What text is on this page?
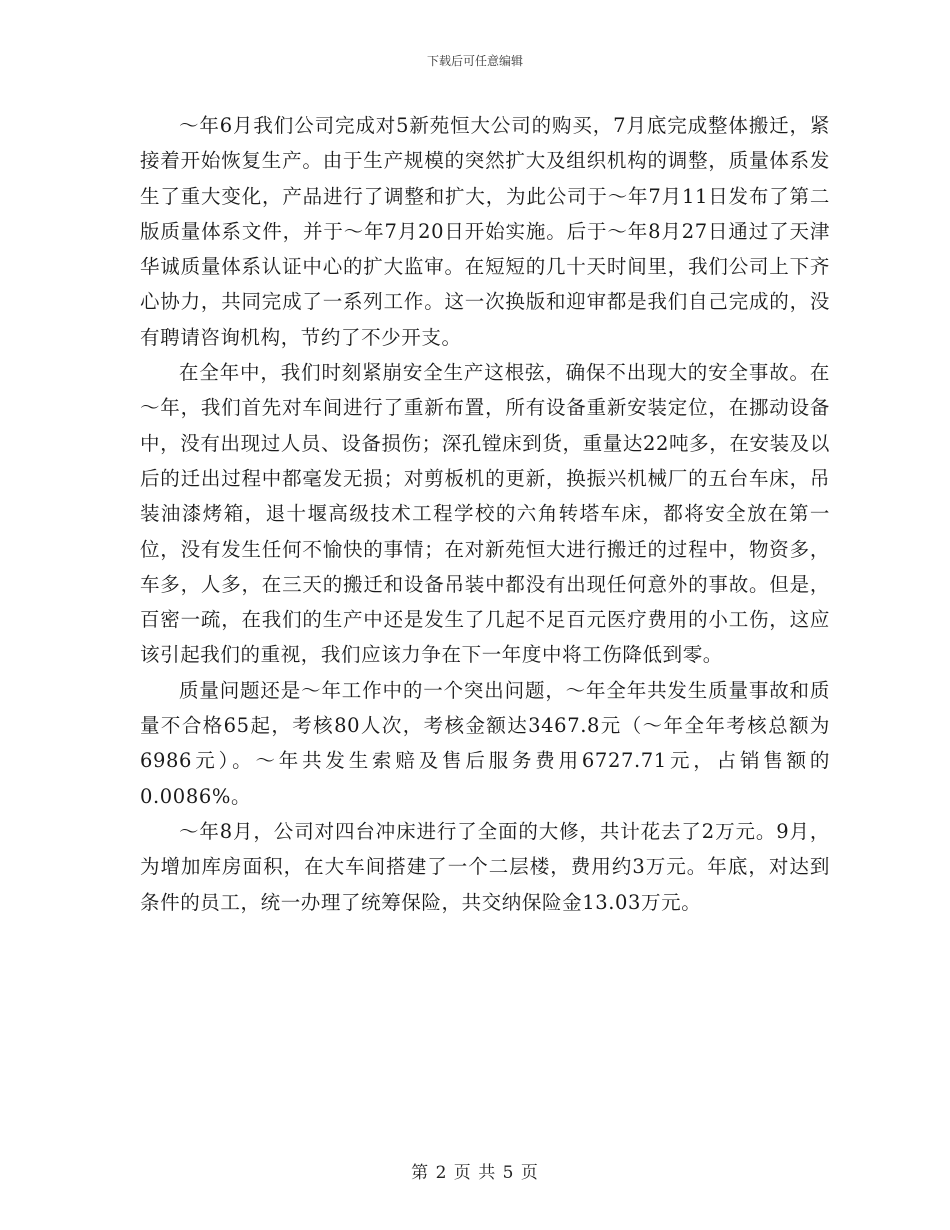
下载后可任意编辑

～年6月我们公司完成对5新苑恒大公司的购买，7月底完成整体搬迁，紧接着开始恢复生产。由于生产规模的突然扩大及组织机构的调整，质量体系发生了重大变化，产品进行了调整和扩大，为此公司于～年7月11日发布了第二版质量体系文件，并于～年7月20日开始实施。后于～年8月27日通过了天津华诚质量体系认证中心的扩大监审。在短短的几十天时间里，我们公司上下齐心协力，共同完成了一系列工作。这一次换版和迎审都是我们自己完成的，没有聘请咨询机构，节约了不少开支。

在全年中，我们时刻紧崩安全生产这根弦，确保不出现大的安全事故。在～年，我们首先对车间进行了重新布置，所有设备重新安装定位，在挪动设备中，没有出现过人员、设备损伤；深孔镗床到货，重量达22吨多，在安装及以后的迁出过程中都毫发无损；对剪板机的更新，换振兴机械厂的五台车床，吊装油漆烤箱，退十堰高级技术工程学校的六角转塔车床，都将安全放在第一位，没有发生任何不愉快的事情；在对新苑恒大进行搬迁的过程中，物资多，车多，人多，在三天的搬迁和设备吊装中都没有出现任何意外的事故。但是，百密一疏，在我们的生产中还是发生了几起不足百元医疗费用的小工伤，这应该引起我们的重视，我们应该力争在下一年度中将工伤降低到零。

质量问题还是～年工作中的一个突出问题，～年全年共发生质量事故和质量不合格65起，考核80人次，考核金额达3467.8元（～年全年考核总额为6986元）。～年共发生索赔及售后服务费用6727.71元，占销售额的0.0086%。

～年8月，公司对四台冲床进行了全面的大修，共计花去了2万元。9月，为增加库房面积，在大车间搭建了一个二层楼，费用约3万元。年底，对达到条件的员工，统一办理了统筹保险，共交纳保险金13.03万元。

第 2 页 共 5 页
